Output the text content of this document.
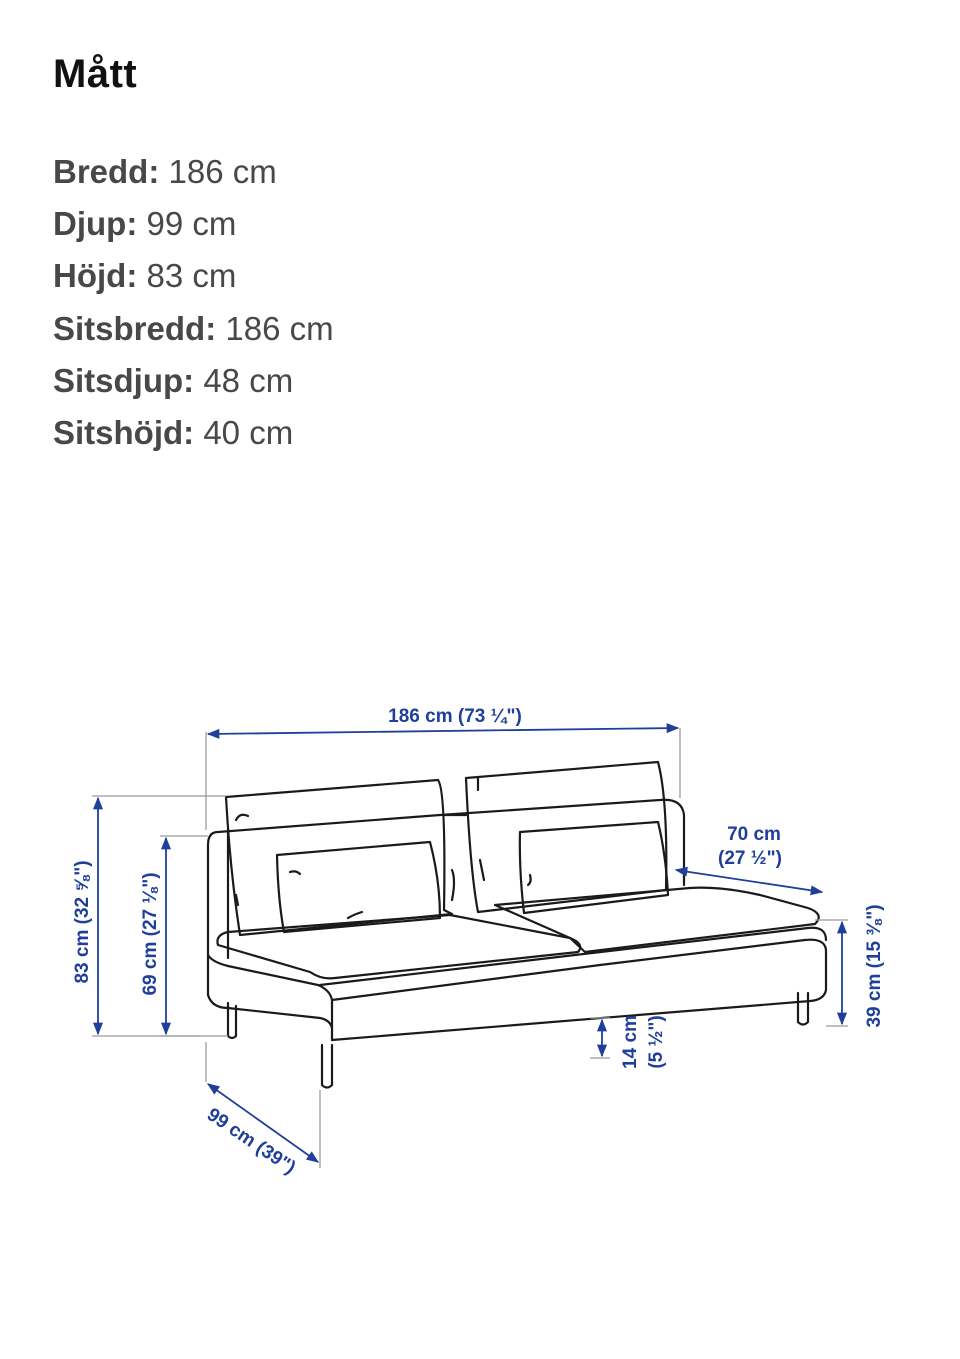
Mått
Bredd: 186 cm
Djup: 99 cm
Höjd: 83 cm
Sitsbredd: 186 cm
Sitsdjup: 48 cm
Sitshöjd: 40 cm
186 cm (73 ¼")
83 cm (32 ⅝") 69 cm (27 ⅛")
99 cm (39")
70 cm
(27 ½")
39 cm (15 ⅜")
14 cm (5 ½")
